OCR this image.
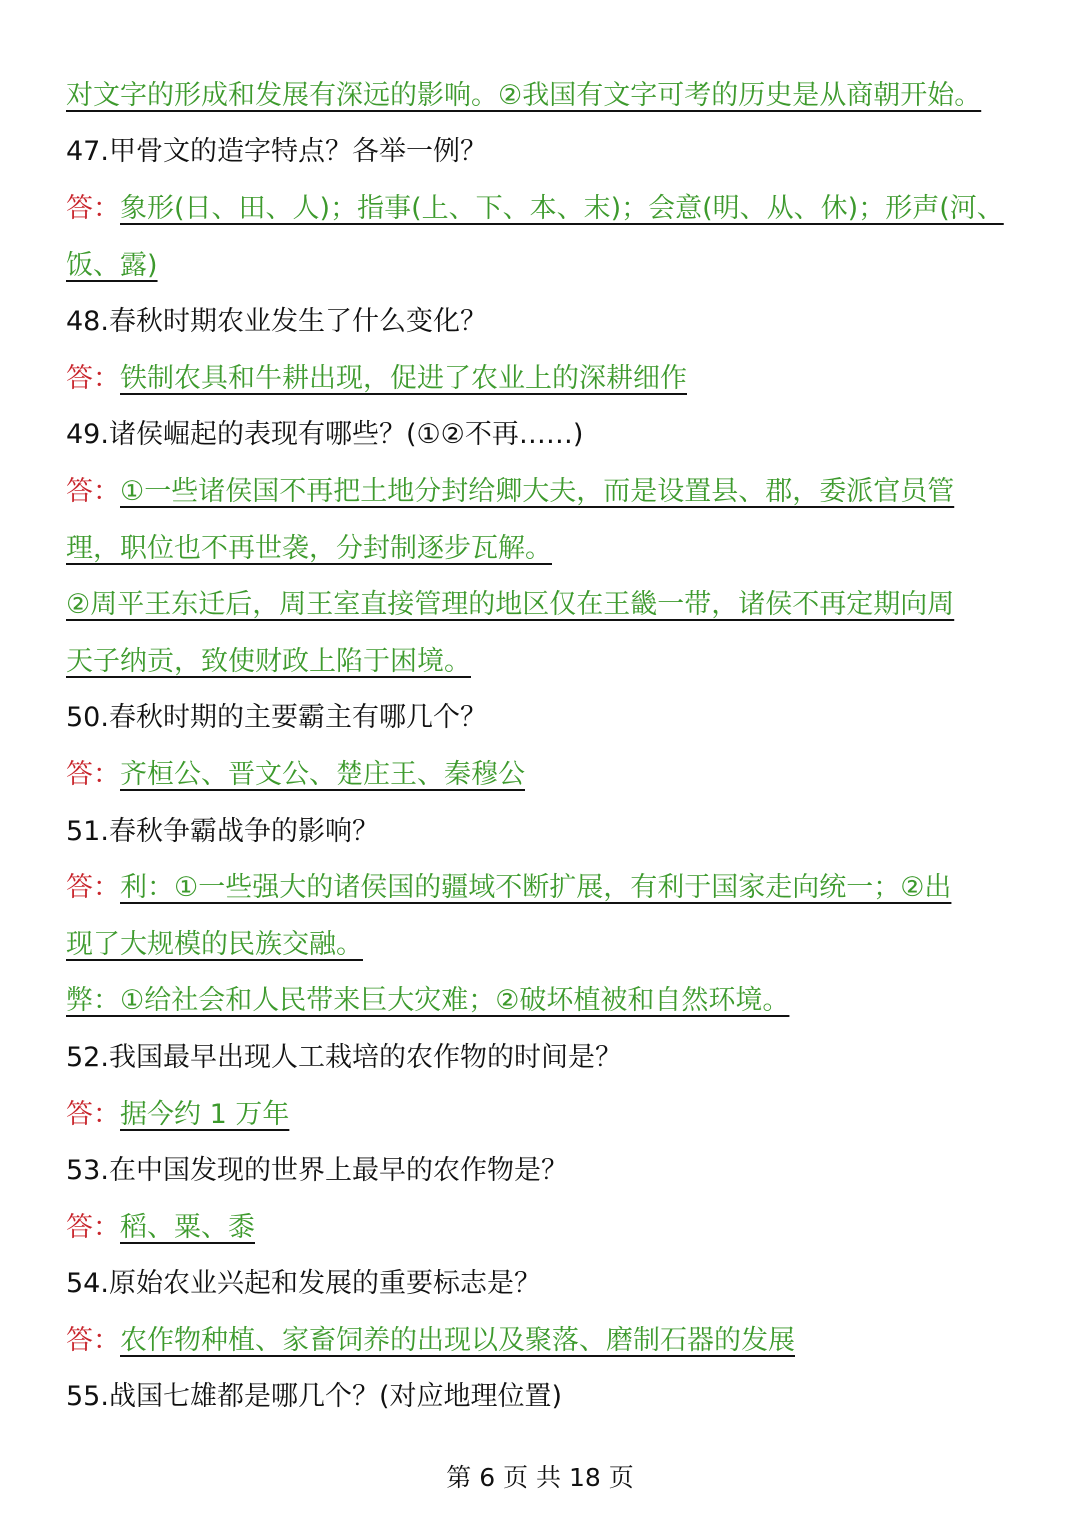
对文字的形成和发展有深远的影响。②我国有文字可考的历史是从商朝开始。
47.甲骨文的造字特点？各举一例？
答：象形(日、田、人)；指事(上、下、本、末)；会意(明、从、休)；形声(河、
饭、露)
48.春秋时期农业发生了什么变化？
答：铁制农具和牛耕出现，促进了农业上的深耕细作
49.诸侯崛起的表现有哪些？(①②不再……)
答：①一些诸侯国不再把土地分封给卿大夫，而是设置县、郡，委派官员管
理，职位也不再世袭，分封制逐步瓦解。
②周平王东迁后，周王室直接管理的地区仅在王畿一带，诸侯不再定期向周
天子纳贡，致使财政上陷于困境。
50.春秋时期的主要霸主有哪几个？
答：齐桓公、晋文公、楚庄王、秦穆公
51.春秋争霸战争的影响？
答：利：①一些强大的诸侯国的疆域不断扩展，有利于国家走向统一；②出
现了大规模的民族交融。
弊：①给社会和人民带来巨大灾难；②破坏植被和自然环境。
52.我国最早出现人工栽培的农作物的时间是？
答：据今约 1 万年
53.在中国发现的世界上最早的农作物是？
答：稻、粟、黍
54.原始农业兴起和发展的重要标志是？
答：农作物种植、家畜饲养的出现以及聚落、磨制石器的发展
55.战国七雄都是哪几个？(对应地理位置)
第 6 页 共 18 页
